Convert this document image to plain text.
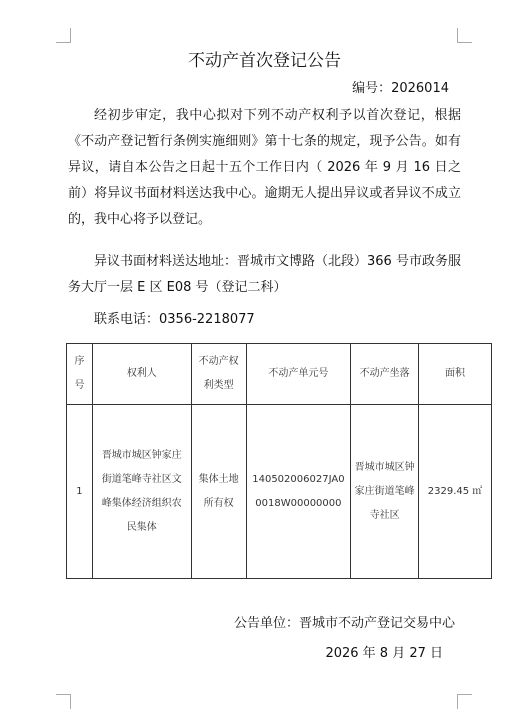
不动产首次登记公告
编号：2026014
经初步审定，我中心拟对下列不动产权利予以首次登记，根据《不动产登记暂行条例实施细则》第十七条的规定，现予公告。如有异议，请自本公告之日起十五个工作日内（ 2026 年 9 月 16 日之前）将异议书面材料送达我中心。逾期无人提出异议或者异议不成立的，我中心将予以登记。
异议书面材料送达地址：晋城市文博路（北段）366 号市政务服务大厅一层 E 区 E08 号（登记二科）
联系电话：0356-2218077
序号	权利人	不动产权利类型	不动产单元号	不动产坐落	面积
1	晋城市城区钟家庄街道笔峰寺社区文峰集体经济组织农民集体	集体土地所有权	140502006027JA00018W00000000	晋城市城区钟家庄街道笔峰寺社区	2329.45 ㎡
公告单位：晋城市不动产登记交易中心
2026 年 8 月 27 日
